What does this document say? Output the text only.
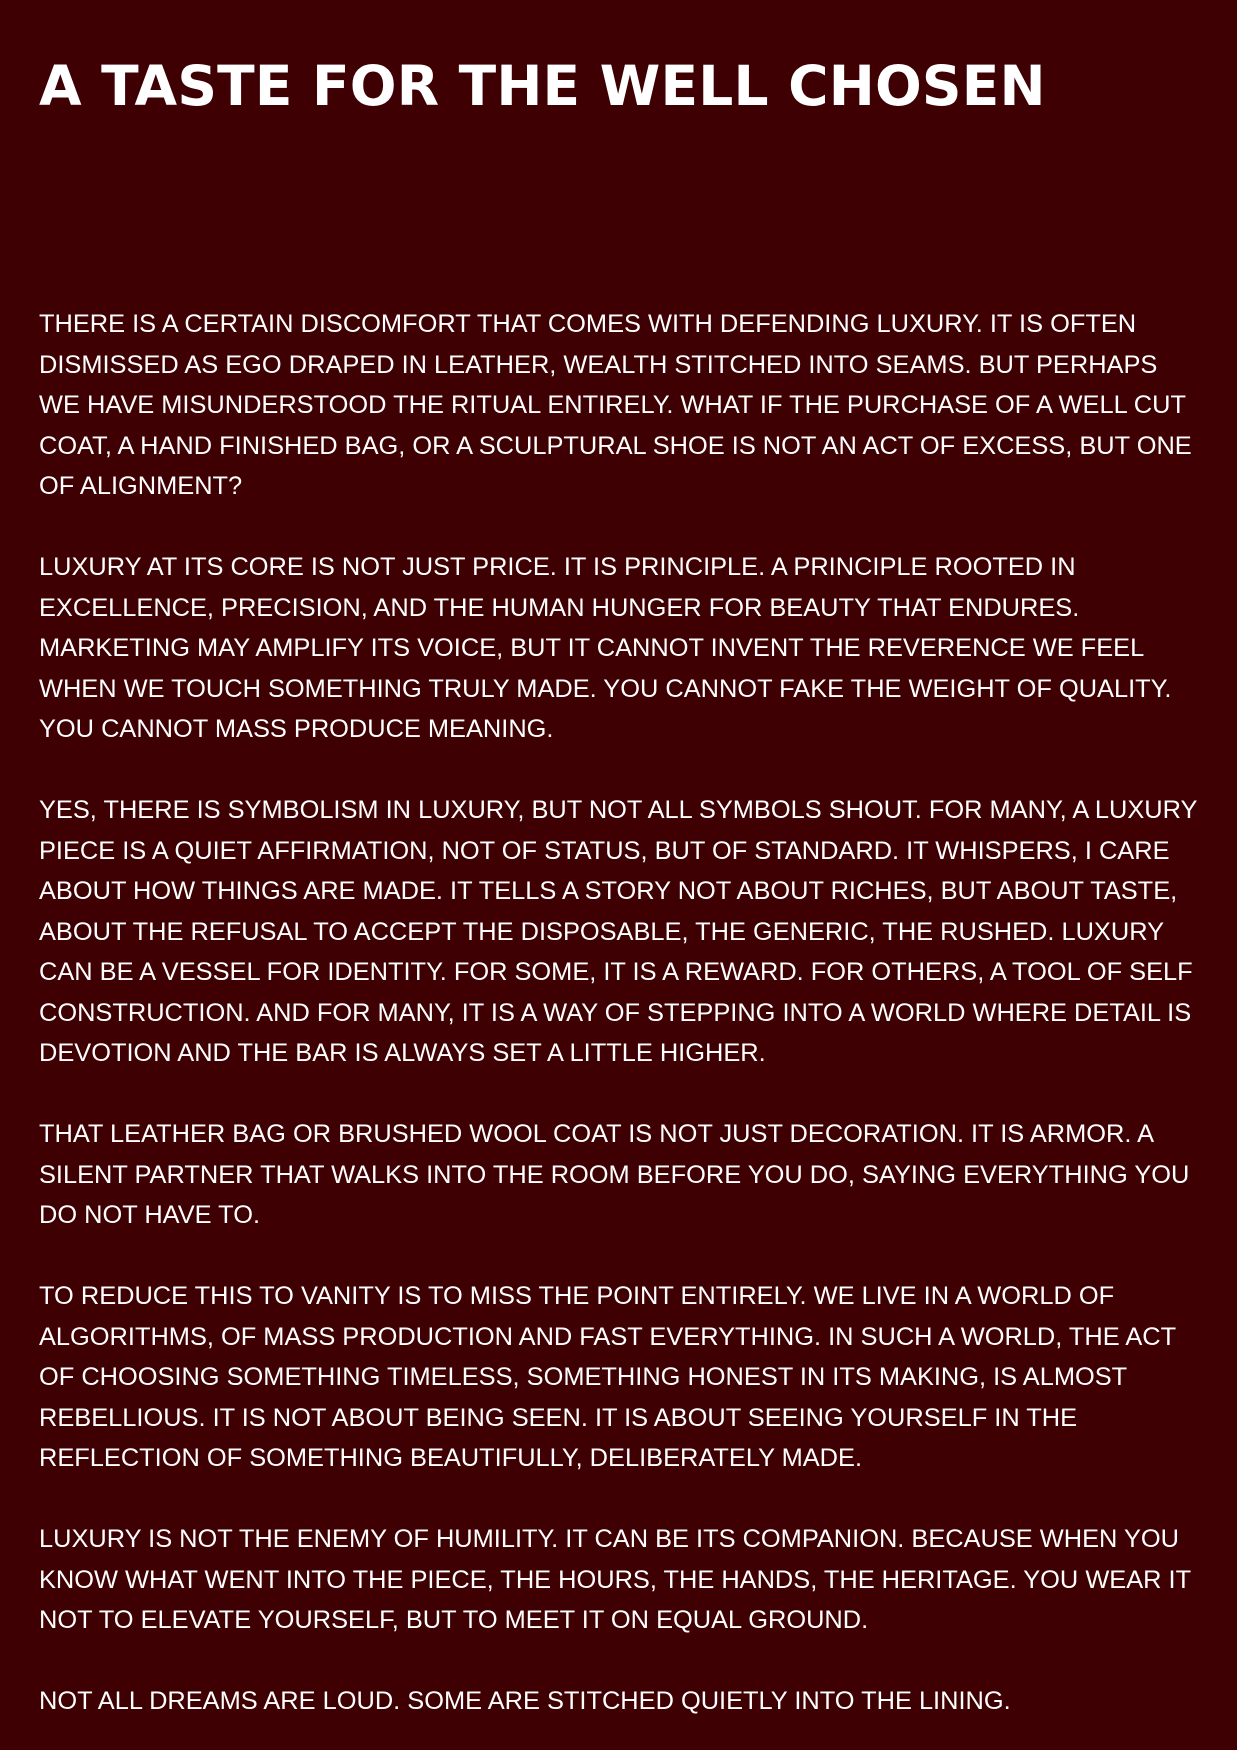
A TASTE FOR THE WELL CHOSEN

THERE IS A CERTAIN DISCOMFORT THAT COMES WITH DEFENDING LUXURY. IT IS OFTEN DISMISSED AS EGO DRAPED IN LEATHER, WEALTH STITCHED INTO SEAMS. BUT PERHAPS WE HAVE MISUNDERSTOOD THE RITUAL ENTIRELY. WHAT IF THE PURCHASE OF A WELL CUT COAT, A HAND FINISHED BAG, OR A SCULPTURAL SHOE IS NOT AN ACT OF EXCESS, BUT ONE OF ALIGNMENT?

LUXURY AT ITS CORE IS NOT JUST PRICE. IT IS PRINCIPLE. A PRINCIPLE ROOTED IN EXCELLENCE, PRECISION, AND THE HUMAN HUNGER FOR BEAUTY THAT ENDURES. MARKETING MAY AMPLIFY ITS VOICE, BUT IT CANNOT INVENT THE REVERENCE WE FEEL WHEN WE TOUCH SOMETHING TRULY MADE. YOU CANNOT FAKE THE WEIGHT OF QUALITY. YOU CANNOT MASS PRODUCE MEANING.

YES, THERE IS SYMBOLISM IN LUXURY, BUT NOT ALL SYMBOLS SHOUT. FOR MANY, A LUXURY PIECE IS A QUIET AFFIRMATION, NOT OF STATUS, BUT OF STANDARD. IT WHISPERS, I CARE ABOUT HOW THINGS ARE MADE. IT TELLS A STORY NOT ABOUT RICHES, BUT ABOUT TASTE, ABOUT THE REFUSAL TO ACCEPT THE DISPOSABLE, THE GENERIC, THE RUSHED. LUXURY CAN BE A VESSEL FOR IDENTITY. FOR SOME, IT IS A REWARD. FOR OTHERS, A TOOL OF SELF CONSTRUCTION. AND FOR MANY, IT IS A WAY OF STEPPING INTO A WORLD WHERE DETAIL IS DEVOTION AND THE BAR IS ALWAYS SET A LITTLE HIGHER.

THAT LEATHER BAG OR BRUSHED WOOL COAT IS NOT JUST DECORATION. IT IS ARMOR. A SILENT PARTNER THAT WALKS INTO THE ROOM BEFORE YOU DO, SAYING EVERYTHING YOU DO NOT HAVE TO.

TO REDUCE THIS TO VANITY IS TO MISS THE POINT ENTIRELY. WE LIVE IN A WORLD OF ALGORITHMS, OF MASS PRODUCTION AND FAST EVERYTHING. IN SUCH A WORLD, THE ACT OF CHOOSING SOMETHING TIMELESS, SOMETHING HONEST IN ITS MAKING, IS ALMOST REBELLIOUS. IT IS NOT ABOUT BEING SEEN. IT IS ABOUT SEEING YOURSELF IN THE REFLECTION OF SOMETHING BEAUTIFULLY, DELIBERATELY MADE.

LUXURY IS NOT THE ENEMY OF HUMILITY. IT CAN BE ITS COMPANION. BECAUSE WHEN YOU KNOW WHAT WENT INTO THE PIECE, THE HOURS, THE HANDS, THE HERITAGE. YOU WEAR IT NOT TO ELEVATE YOURSELF, BUT TO MEET IT ON EQUAL GROUND.

NOT ALL DREAMS ARE LOUD. SOME ARE STITCHED QUIETLY INTO THE LINING.
